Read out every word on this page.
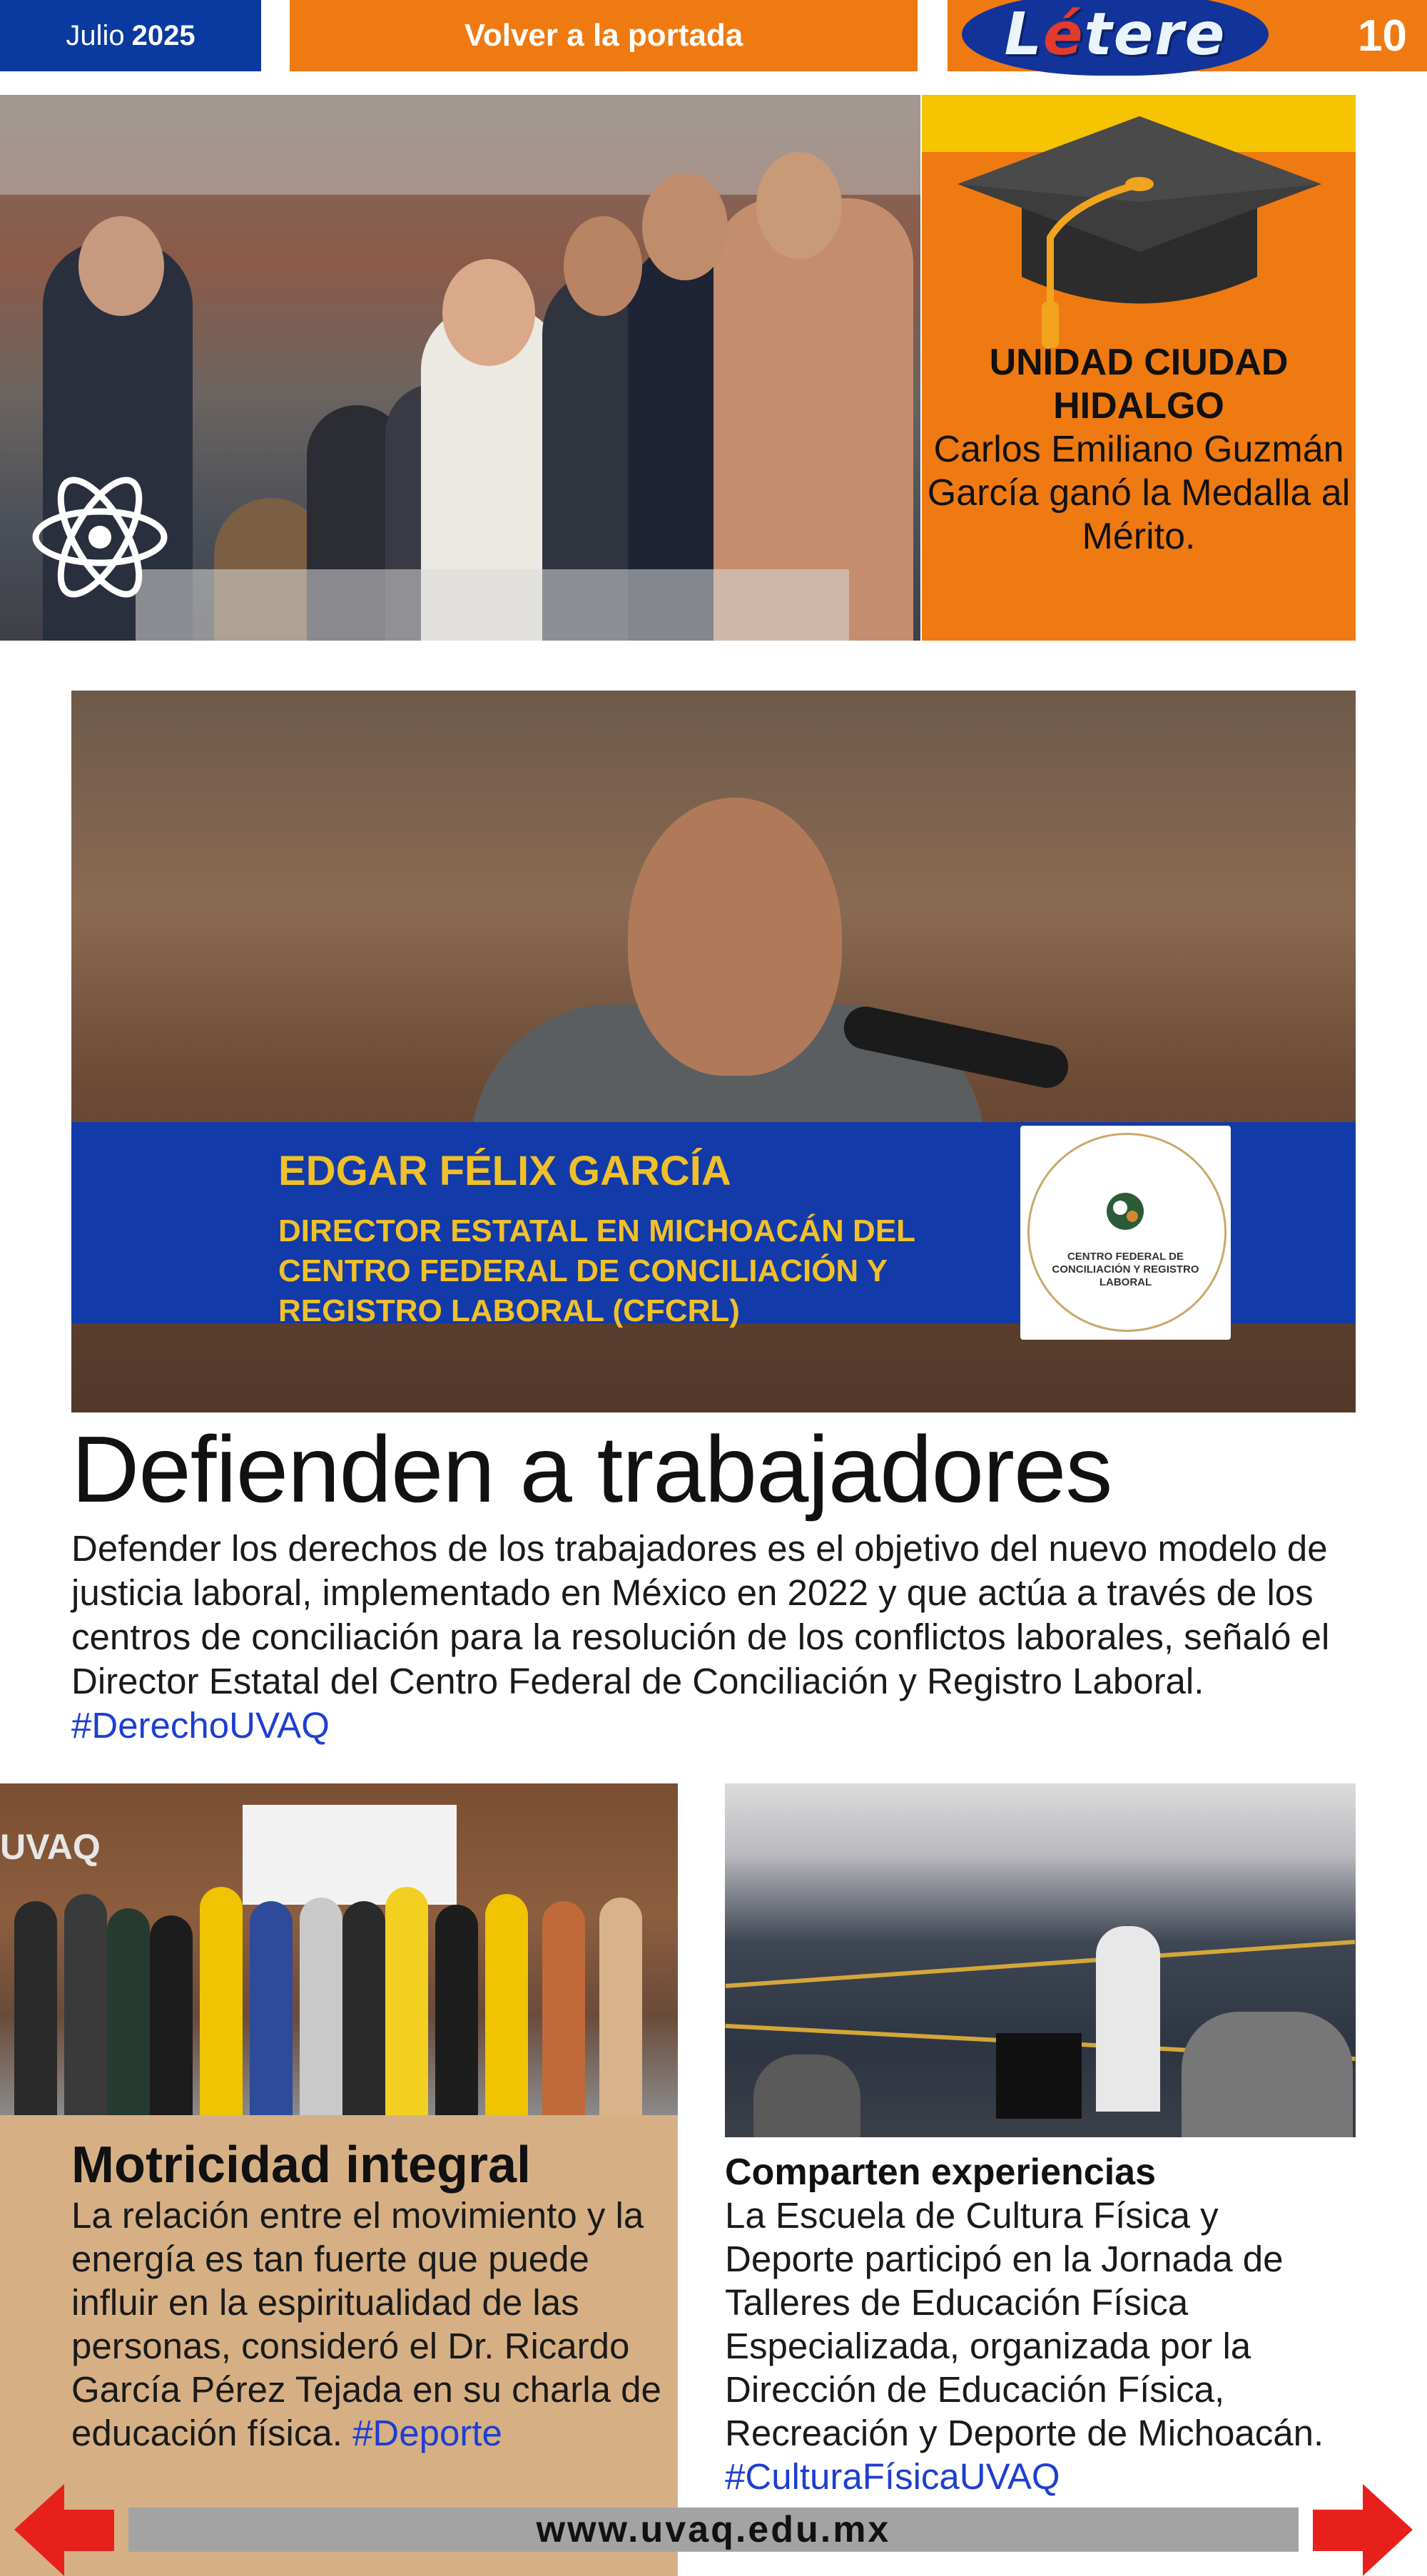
Julio 2025	Volver a la portada	Létere	10
UNIDAD CIUDAD HIDALGO
Carlos Emiliano Guzmán García ganó la Medalla al Mérito.
EDGAR FÉLIX GARCÍA
DIRECTOR ESTATAL EN MICHOACÁN DEL CENTRO FEDERAL DE CONCILIACIÓN Y REGISTRO LABORAL (CFCRL)
CENTRO FEDERAL DE CONCILIACIÓN Y REGISTRO LABORAL
Defienden a trabajadores
Defender los derechos de los trabajadores es el objetivo del nuevo modelo de justicia laboral, implementado en México en 2022 y que actúa a través de los centros de conciliación para la resolución de los conflictos laborales, señaló el Director Estatal del Centro Federal de Conciliación y Registro Laboral. #DerechoUVAQ
UVAQ
Motricidad integral
La relación entre el movimiento y la energía es tan fuerte que puede influir en la espiritualidad de las personas, consideró el Dr. Ricardo García Pérez Tejada en su charla de educación física. #Deporte
Comparten experiencias
La Escuela de Cultura Física y Deporte participó en la Jornada de Talleres de Educación Física Especializada, organizada por la Dirección de Educación Física, Recreación y Deporte de Michoacán. #CulturaFísicaUVAQ
www.uvaq.edu.mx
